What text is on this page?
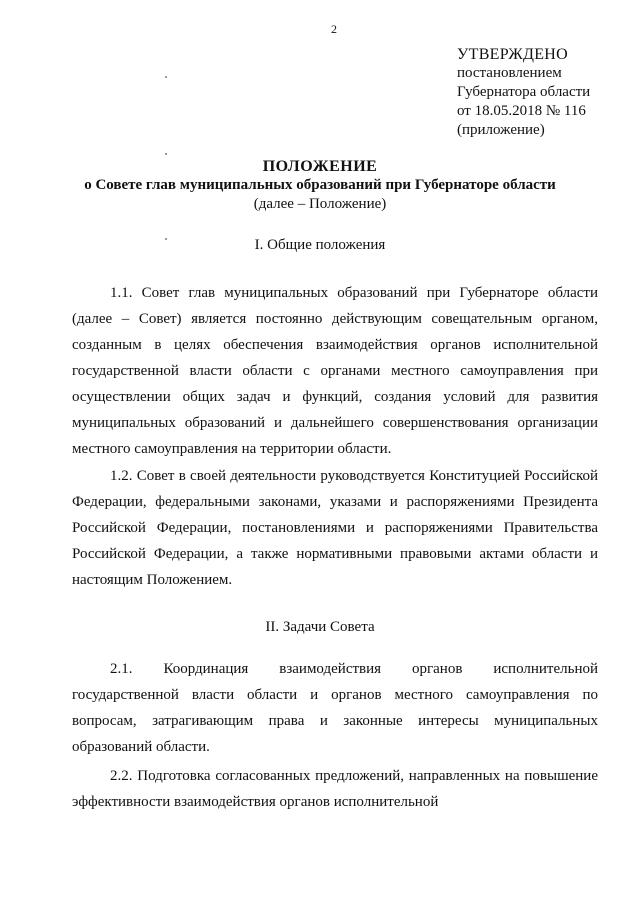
2
УТВЕРЖДЕНО
постановлением
Губернатора области
от 18.05.2018 № 116
(приложение)
ПОЛОЖЕНИЕ
о Совете глав муниципальных образований при Губернаторе области
(далее – Положение)
I. Общие положения

1.1. Совет глав муниципальных образований при Губернаторе области (далее – Совет) является постоянно действующим совещательным органом, созданным в целях обеспечения взаимодействия органов исполнительной государственной власти области с органами местного самоуправления при осуществлении общих задач и функций, создания условий для развития муниципальных образований и дальнейшего совершенствования организации местного самоуправления на территории области.

1.2. Совет в своей деятельности руководствуется Конституцией Российской Федерации, федеральными законами, указами и распоряжениями Президента Российской Федерации, постановлениями и распоряжениями Правительства Российской Федерации, а также нормативными правовыми актами области и настоящим Положением.

II. Задачи Совета

2.1. Координация взаимодействия органов исполнительной государственной власти области и органов местного самоуправления по вопросам, затрагивающим права и законные интересы муниципальных образований области.

2.2. Подготовка согласованных предложений, направленных на повышение эффективности взаимодействия органов исполнительной
